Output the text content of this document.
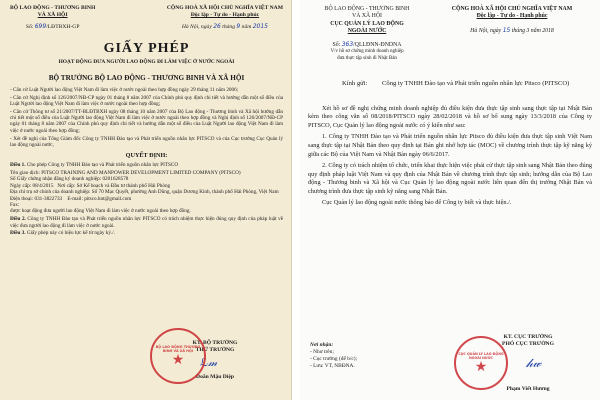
BỘ LAO ĐỘNG - THƯƠNG BINH
VÀ XÃ HỘI
Số: 699/LĐTBXH-GP
CỘNG HOÀ XÃ HỘI CHỦ NGHĨA VIỆT NAM
Độc lập - Tự do - Hạnh phúc
Hà Nội, ngày 26 tháng 9 năm 2015
GIẤY PHÉP
HOẠT ĐỘNG ĐƯA NGƯỜI LAO ĐỘNG ĐI LÀM VIỆC Ở NƯỚC NGOÀI
BỘ TRƯỞNG BỘ LAO ĐỘNG - THƯƠNG BINH VÀ XÃ HỘI

- Căn cứ Luật Người lao động Việt Nam đi làm việc ở nước ngoài theo hợp đồng ngày 29 tháng 11 năm 2006;

- Căn cứ Nghị định số 126/2007/NĐ-CP ngày 01 tháng 8 năm 2007 của Chính phủ quy định chi tiết và hướng dẫn một số điều của Luật Người lao động Việt Nam đi làm việc ở nước ngoài theo hợp đồng;

- Căn cứ Thông tư số 21/2007/TT-BLĐTBXH ngày 08 tháng 10 năm 2007 của Bộ Lao động - Thương binh và Xã hội hướng dẫn chi tiết một số điều của Luật Người lao động Việt Nam đi làm việc ở nước ngoài theo hợp đồng và Nghị định số 126/2007/NĐ-CP ngày 01 tháng 8 năm 2007 của Chính phủ quy định chi tiết và hướng dẫn một số điều của Luật Người lao động Việt Nam đi làm việc ở nước ngoài theo hợp đồng;

- Xét đề nghị của Tổng Giám đốc Công ty TNHH Đào tạo và Phát triển nguồn nhân lực PITSCO và của Cục trưởng Cục Quản lý lao động ngoài nước,

QUYẾT ĐỊNH:

Điều 1. Cho phép Công ty TNHH Đào tạo và Phát triển nguồn nhân lực PITSCO

Tên giao dịch: PITSCO TRAINING AND MANPOWER DEVELOPMENT LIMITED COMPANY (PITSCO)
Số Giấy chứng nhận đăng ký doanh nghiệp: 0201628578
Ngày cấp: 08/4/2015 Nơi cấp: Sở Kế hoạch và Đầu tư thành phố Hải Phòng
Địa chỉ trụ sở chính của doanh nghiệp: Số 70 Mạc Quyết, phường Anh Dũng, quận Dương Kinh, thành phố Hải Phòng, Việt Nam
Điện thoại: 031-3822733 E-mail: pitsco.hnt@gmail.com
Fax:

được hoạt động đưa người lao động Việt Nam đi làm việc ở nước ngoài theo hợp đồng.

Điều 2. Công ty TNHH Đào tạo và Phát triển nguồn nhân lực PITSCO có trách nhiệm thực hiện đúng quy định của pháp luật về việc đưa người lao động đi làm việc ở nước ngoài.

Điều 3. Giấy phép này có hiệu lực kể từ ngày ký./.

KT. BỘ TRƯỞNG
THỨ TRƯỞNG
ℒ𝓂
Doãn Mậu Diệp
BỘ LAO ĐỘNG THƯƠNG BINH VÀ XÃ HỘI
★
BỘ LAO ĐỘNG - THƯƠNG BINH
VÀ XÃ HỘI
CỤC QUẢN LÝ LAO ĐỘNG
NGOÀI NƯỚC
Số: 363/QLLĐNN-ĐNDNA
V/v hồ sơ chứng minh doanh nghiệp
đưa thực tập sinh đi Nhật Bản
CỘNG HOÀ XÃ HỘI CHỦ NGHĨA VIỆT NAM
Độc lập - Tự do - Hạnh phúc
Hà Nội, ngày 15 tháng 3 năm 2018
Kính gửi:	Công ty TNHH Đào tạo và Phát triển nguồn nhân lực Pitsco (PITSCO)

Xét hồ sơ đề nghị chứng minh doanh nghiệp đủ điều kiện đưa thực tập sinh sang thực tập tại Nhật Bản kèm theo công văn số 08/2018/PITSCO ngày 28/02/2018 và hồ sơ bổ sung ngày 13/3/2018 của Công ty PITSCO, Cục Quản lý lao động ngoài nước có ý kiến như sau:

1. Công ty TNHH Đào tạo và Phát triển nguồn nhân lực Pitsco đủ điều kiện đưa thực tập sinh Việt Nam sang thực tập tại Nhật Bản theo quy định tại Bản ghi nhớ hợp tác (MOC) về chương trình thực tập kỹ năng ký giữa các Bộ của Việt Nam và Nhật Bản ngày 06/6/2017.

2. Công ty có trách nhiệm tổ chức, triển khai thực hiện việc phái cử thực tập sinh sang Nhật Bản theo đúng quy định pháp luật Việt Nam và quy định của Nhật Bản về chương trình thực tập sinh; hướng dẫn của Bộ Lao động - Thương binh và Xã hội và Cục Quản lý lao động ngoài nước liên quan đến thị trường Nhật Bản và chương trình đưa thực tập sinh kỹ năng sang Nhật Bản.

Cục Quản lý lao động ngoài nước thông báo để Công ty biết và thực hiện./.

Nơi nhận:
- Như trên;
- Cục trưởng (để b/c);
- Lưu: VT, NBĐNA.
KT. CỤC TRƯỞNG
PHÓ CỤC TRƯỞNG
𝒽𝓌
Phạm Viết Hương
CỤC QUẢN LÝ LAO ĐỘNG NGOÀI NƯỚC
★
